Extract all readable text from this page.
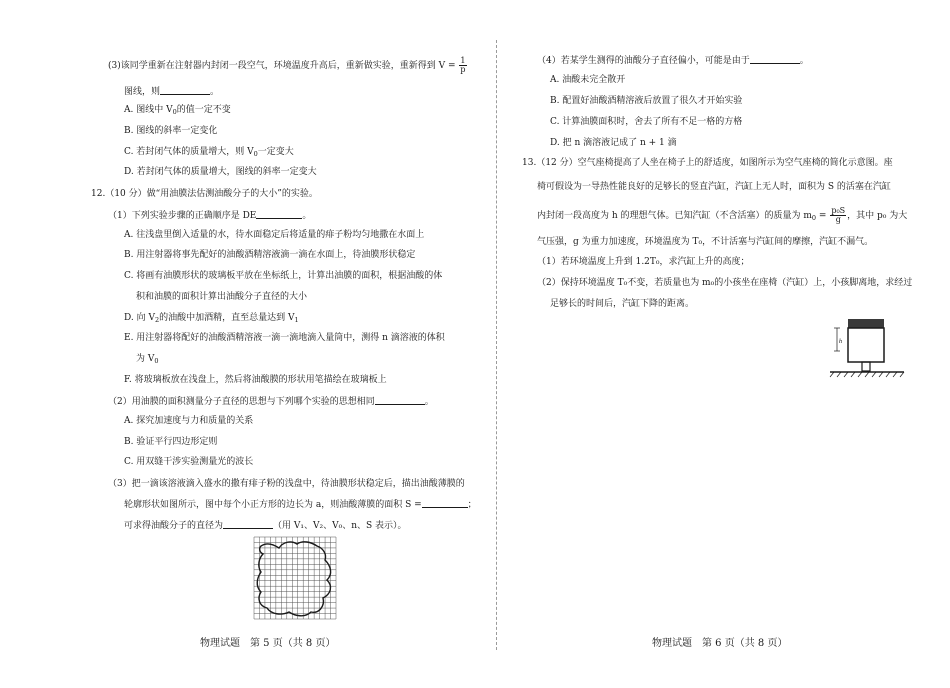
(3)该同学重新在注射器内封闭一段空气，环境温度升高后，重新做实验，重新得到 $V = \frac{1}{p}$
图线，则	。
A. 图线中 $V_0$的值一定不变
B. 图线的斜率一定变化
C. 若封闭气体的质量增大，则 $V_0$一定变大
D. 若封闭气体的质量增大，图线的斜率一定变大
12.（10 分）做“用油膜法估测油酸分子的大小”的实验。
（1）下列实验步骤的正确顺序是 DE	。
A. 往浅盘里倒入适量的水，待水面稳定后将适量的痱子粉均匀地撒在水面上
B. 用注射器将事先配好的油酸酒精溶液滴一滴在水面上，待油膜形状稳定
C. 将画有油膜形状的玻璃板平放在坐标纸上，计算出油膜的面积，根据油酸的体
积和油膜的面积计算出油酸分子直径的大小
D. 向 $V_2$的油酸中加酒精，直至总量达到 $V_1$
E. 用注射器将配好的油酸酒精溶液一滴一滴地滴入量筒中，测得 n 滴溶液的体积
为 $V_0$
F. 将玻璃板放在浅盘上，然后将油酸膜的形状用笔描绘在玻璃板上
（2）用油膜的面积测量分子直径的思想与下列哪个实验的思想相同	。
A. 探究加速度与力和质量的关系
B. 验证平行四边形定则
C. 用双缝干涉实验测量光的波长
（3）把一滴该溶液滴入盛水的撒有痱子粉的浅盘中，待油膜形状稳定后，描出油酸薄膜的
轮廓形状如图所示，图中每个小正方形的边长为 a，则油酸薄膜的面积 S =	；
可求得油酸分子的直径为	（用 V₁、V₂、V₀、n、S 表示）。
物理试题　第 5 页（共 8 页）
（4）若某学生测得的油酸分子直径偏小，可能是由于	。
A. 油酸未完全散开
B. 配置好油酸酒精溶液后放置了很久才开始实验
C. 计算油膜面积时，舍去了所有不足一格的方格
D. 把 n 滴溶液记成了 n + 1 滴
13.（12 分）空气座椅提高了人坐在椅子上的舒适度，如图所示为空气座椅的简化示意图。座
椅可假设为一导热性能良好的足够长的竖直汽缸，汽缸上无人时，面积为 S 的活塞在汽缸
内封闭一段高度为 h 的理想气体。已知汽缸（不含活塞）的质量为 $m_0 = \frac{\text{p₀S}}{g}$ ，其中 p₀ 为大
气压强，g 为重力加速度，环境温度为 T₀，不计活塞与汽缸间的摩擦，汽缸不漏气。
（1）若环境温度上升到 1.2T₀，求汽缸上升的高度；
（2）保持环境温度 T₀不变，若质量也为 m₀的小孩坐在座椅（汽缸）上，小孩脚离地，求经过
足够长的时间后，汽缸下降的距离。
h
物理试题　第 6 页（共 8 页）
